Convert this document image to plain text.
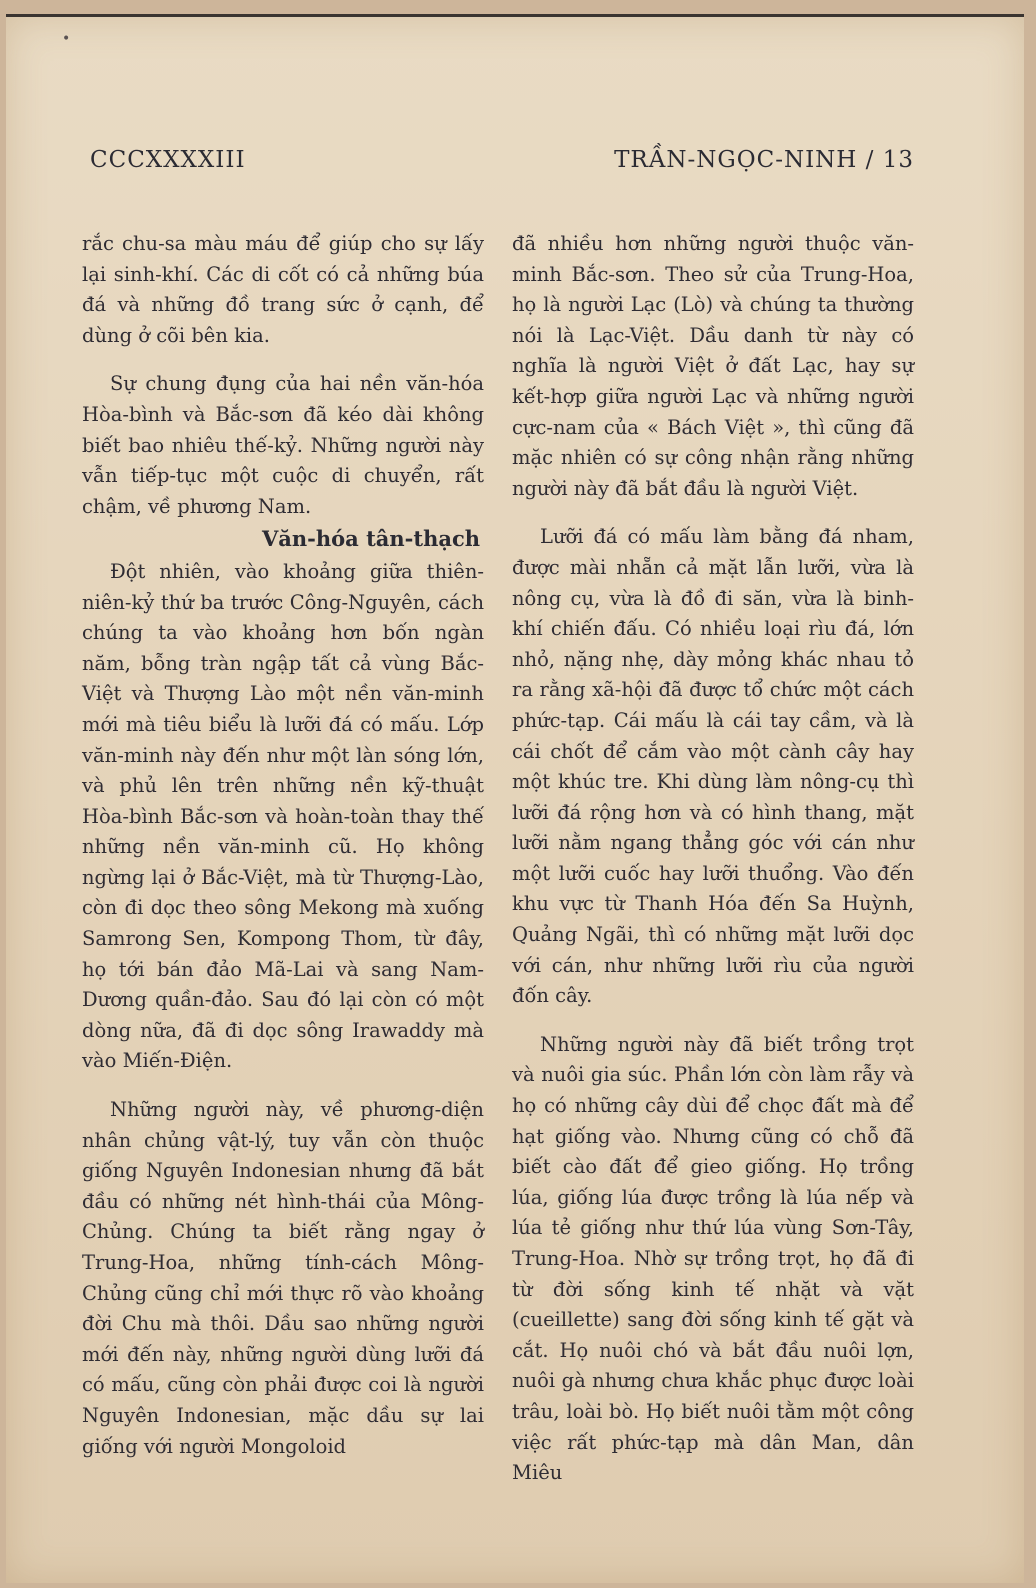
•
CCCXXXXIII	TRẦN-NGỌC-NINH / 13

rắc chu-sa màu máu để giúp cho sự lấy lại sinh-khí. Các di cốt có cả những búa đá và những đồ trang sức ở cạnh, để dùng ở cõi bên kia.

Sự chung đụng của hai nền văn-hóa Hòa-bình và Bắc-sơn đã kéo dài không biết bao nhiêu thế-kỷ. Những người này vẫn tiếp-tục một cuộc di chuyển, rất chậm, về phương Nam.

Văn-hóa tân-thạch

Đột nhiên, vào khoảng giữa thiên-niên-kỷ thứ ba trước Công-Nguyên, cách chúng ta vào khoảng hơn bốn ngàn năm, bỗng tràn ngập tất cả vùng Bắc-Việt và Thượng Lào một nền văn-minh mới mà tiêu biểu là lưỡi đá có mấu. Lớp văn-minh này đến như một làn sóng lớn, và phủ lên trên những nền kỹ-thuật Hòa-bình Bắc-sơn và hoàn-toàn thay thế những nền văn-minh cũ. Họ không ngừng lại ở Bắc-Việt, mà từ Thượng-Lào, còn đi dọc theo sông Mekong mà xuống Samrong Sen, Kompong Thom, từ đây, họ tới bán đảo Mã-Lai và sang Nam-Dương quần-đảo. Sau đó lại còn có một dòng nữa, đã đi dọc sông Irawaddy mà vào Miến-Điện.

Những người này, về phương-diện nhân chủng vật-lý, tuy vẫn còn thuộc giống Nguyên Indonesian nhưng đã bắt đầu có những nét hình-thái của Mông-Chủng. Chúng ta biết rằng ngay ở Trung-Hoa, những tính-cách Mông-Chủng cũng chỉ mới thực rõ vào khoảng đời Chu mà thôi. Dầu sao những người mới đến này, những người dùng lưỡi đá có mấu, cũng còn phải được coi là người Nguyên Indonesian, mặc dầu sự lai giống với người Mongoloid

đã nhiều hơn những người thuộc văn-minh Bắc-sơn. Theo sử của Trung-Hoa, họ là người Lạc (Lò) và chúng ta thường nói là Lạc-Việt. Dầu danh từ này có nghĩa là người Việt ở đất Lạc, hay sự kết-hợp giữa người Lạc và những người cực-nam của « Bách Việt », thì cũng đã mặc nhiên có sự công nhận rằng những người này đã bắt đầu là người Việt.

Lưỡi đá có mấu làm bằng đá nham, được mài nhẵn cả mặt lẫn lưỡi, vừa là nông cụ, vừa là đồ đi săn, vừa là binh-khí chiến đấu. Có nhiều loại rìu đá, lớn nhỏ, nặng nhẹ, dày mỏng khác nhau tỏ ra rằng xã-hội đã được tổ chức một cách phức-tạp. Cái mấu là cái tay cầm, và là cái chốt để cắm vào một cành cây hay một khúc tre. Khi dùng làm nông-cụ thì lưỡi đá rộng hơn và có hình thang, mặt lưỡi nằm ngang thẳng góc với cán như một lưỡi cuốc hay lưỡi thuổng. Vào đến khu vực từ Thanh Hóa đến Sa Huỳnh, Quảng Ngãi, thì có những mặt lưỡi dọc với cán, như những lưỡi rìu của người đốn cây.

Những người này đã biết trồng trọt và nuôi gia súc. Phần lớn còn làm rẫy và họ có những cây dùi để chọc đất mà để hạt giống vào. Nhưng cũng có chỗ đã biết cào đất để gieo giống. Họ trồng lúa, giống lúa được trồng là lúa nếp và lúa tẻ giống như thứ lúa vùng Sơn-Tây, Trung-Hoa. Nhờ sự trồng trọt, họ đã đi từ đời sống kinh tế nhặt và vặt (cueillette) sang đời sống kinh tế gặt và cắt. Họ nuôi chó và bắt đầu nuôi lợn, nuôi gà nhưng chưa khắc phục được loài trâu, loài bò. Họ biết nuôi tằm một công việc rất phức-tạp mà dân Man, dân Miêu
